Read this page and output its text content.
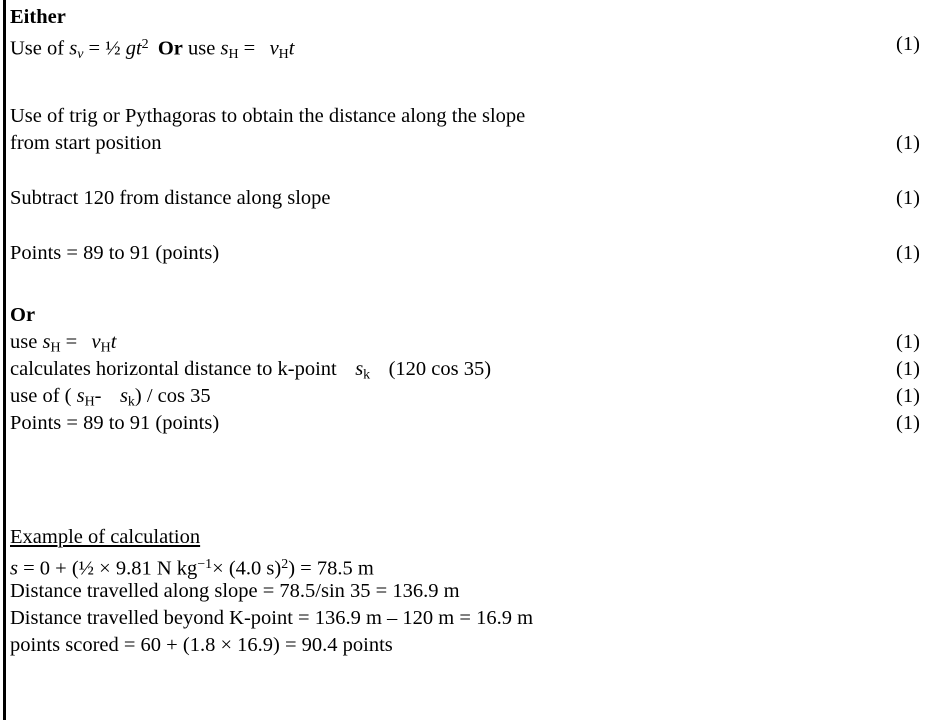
Either
Use of $s_v$ = ½ $gt^2$ Or use $s_H = v_Ht$	(1)
Use of trig or Pythagoras to obtain the distance along the slope
from start position	(1)
Subtract 120 from distance along slope	(1)
Points = 89 to 91 (points)	(1)
Or
use $s_H = v_Ht$	(1)
calculates horizontal distance to k-point $s_k$ (120 cos 35)	(1)
use of ( $s_H-$ $s_k$) / cos 35	(1)
Points = 89 to 91 (points)	(1)
Example of calculation
s = 0 + (½ × 9.81 N $kg^{-1}\times (4.0$ s)$^2$) = 78.5 m
Distance travelled along slope = 78.5/sin 35 = 136.9 m
Distance travelled beyond K-point = 136.9 m – 120 m = 16.9 m
points scored = 60 + (1.8 × 16.9) = 90.4 points
